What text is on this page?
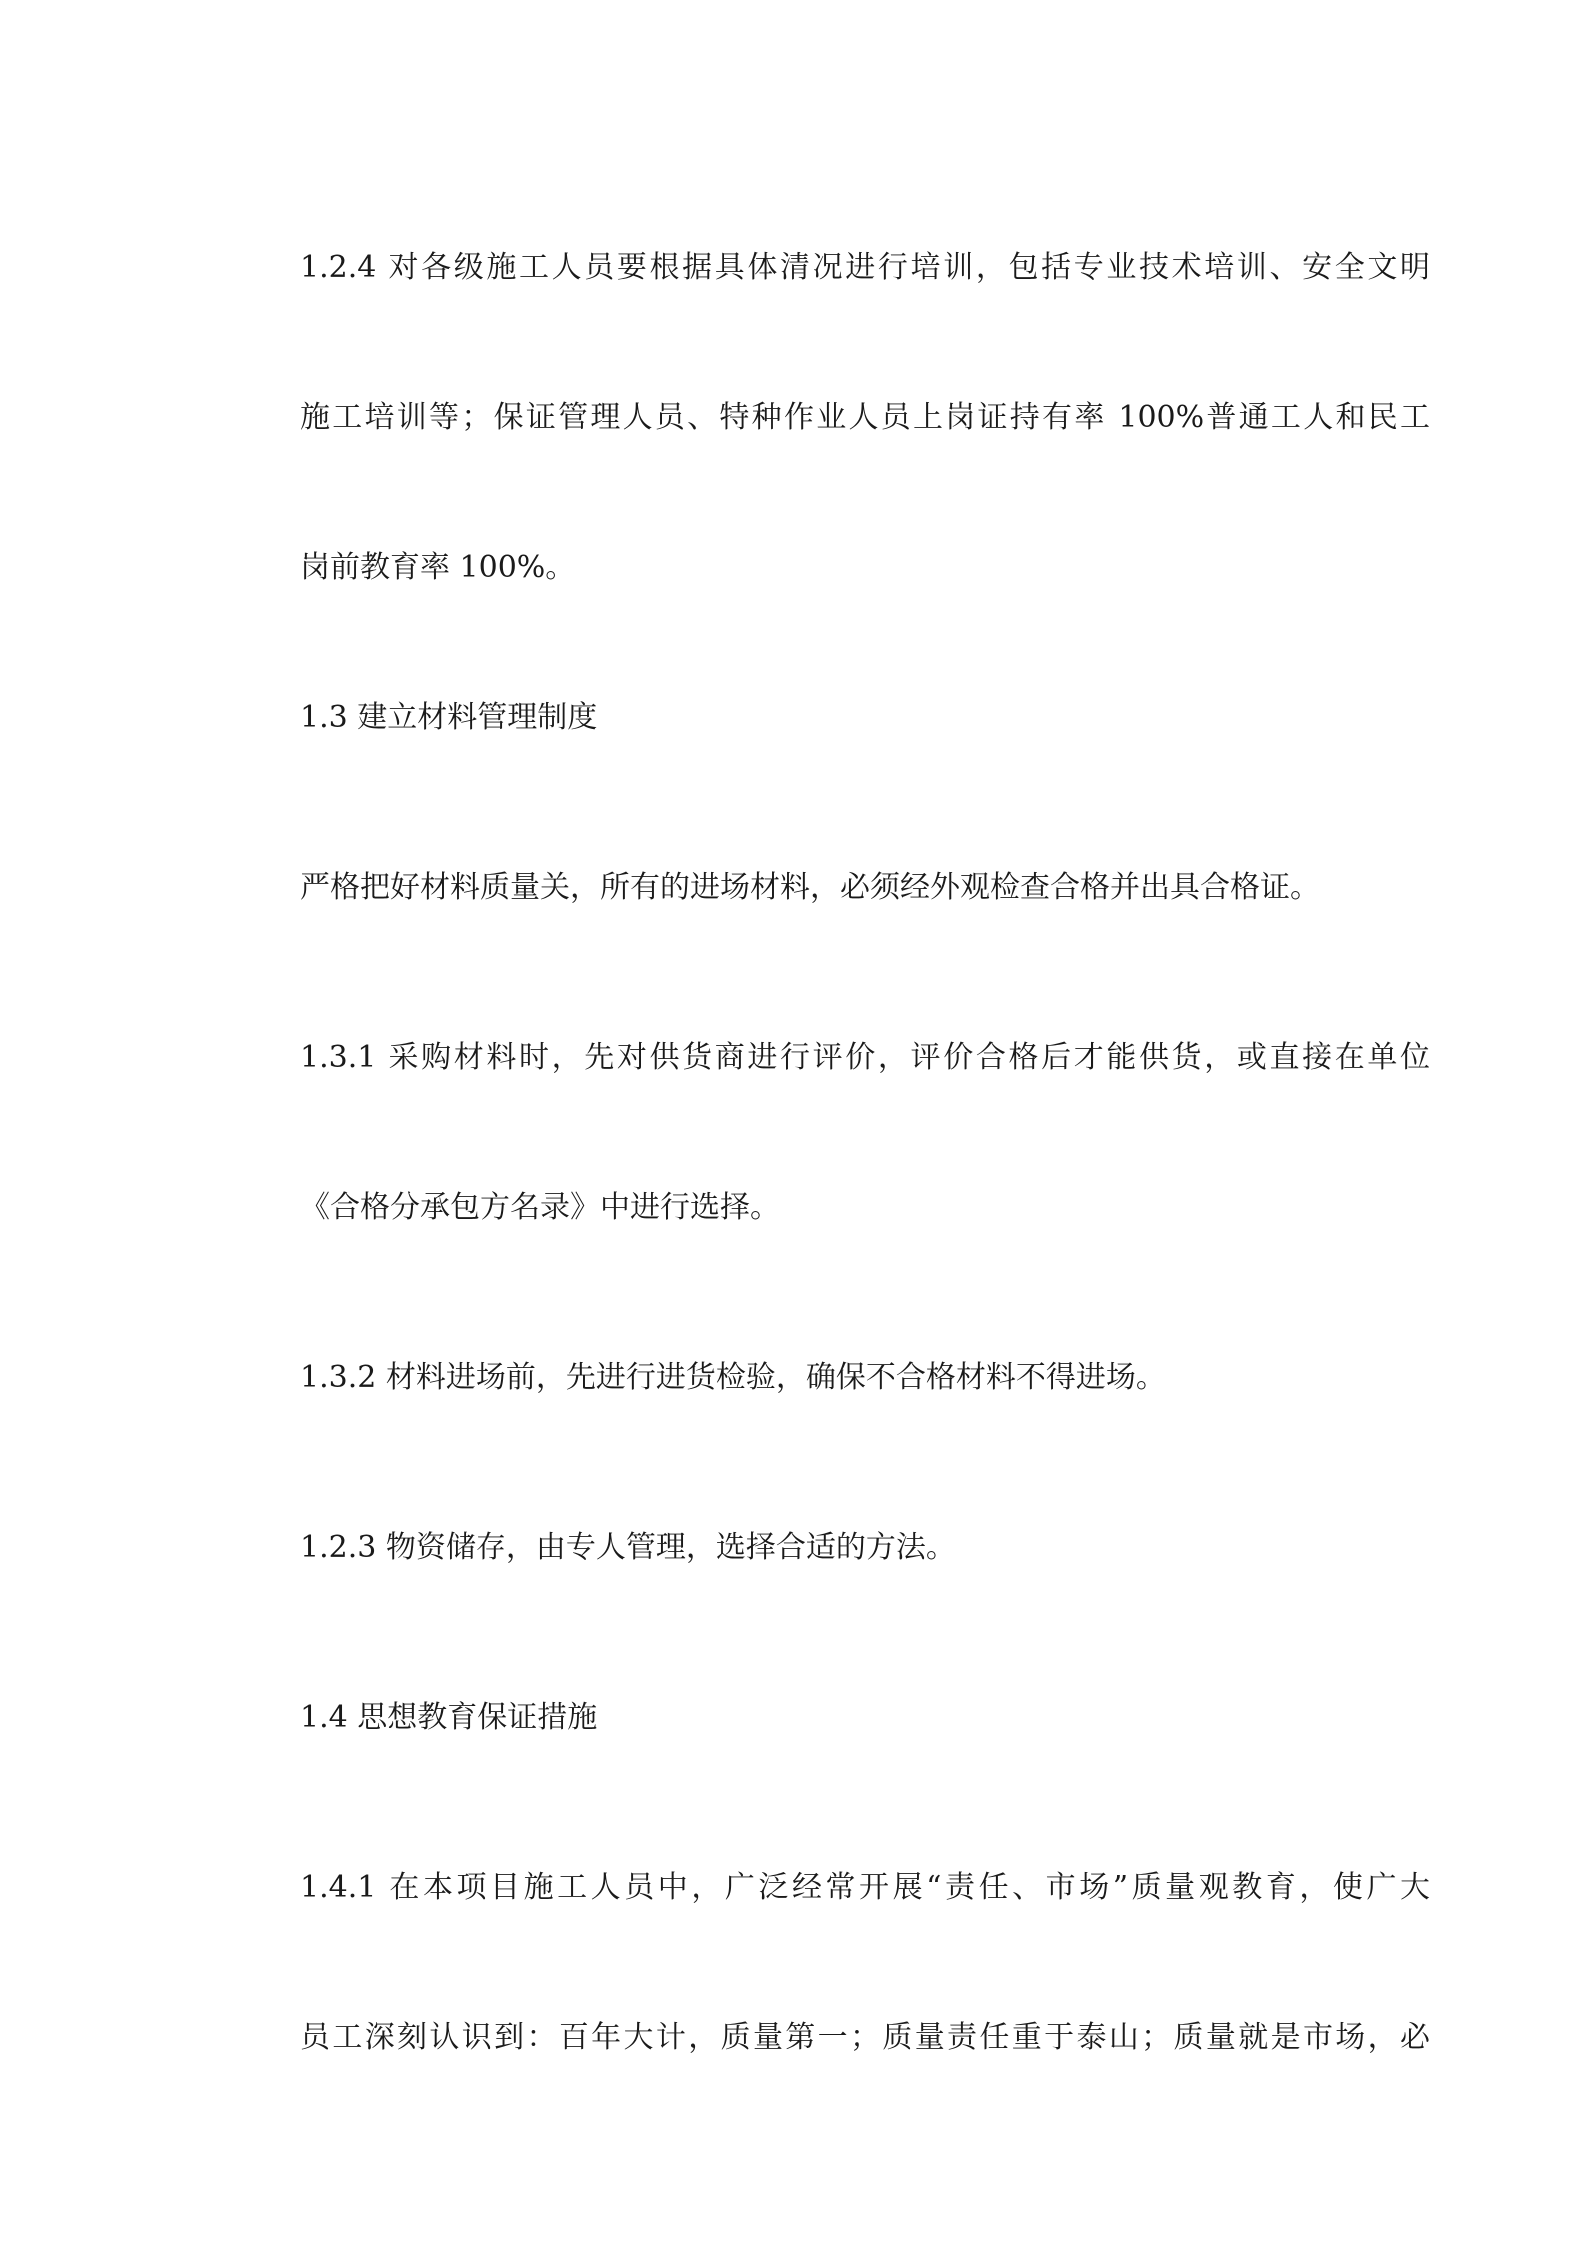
1.2.4 对各级施工人员要根据具体清况进行培训，包括专业技术培训、安全文明
施工培训等；保证管理人员、特种作业人员上岗证持有率 100%普通工人和民工
岗前教育率 100%。
1.3 建立材料管理制度
严格把好材料质量关，所有的进场材料，必须经外观检查合格并出具合格证。
1.3.1 采购材料时，先对供货商进行评价，评价合格后才能供货，或直接在单位
《合格分承包方名录》中进行选择。
1.3.2 材料进场前，先进行进货检验，确保不合格材料不得进场。
1.2.3 物资储存，由专人管理，选择合适的方法。
1.4 思想教育保证措施
1.4.1 在本项目施工人员中，广泛经常开展“责任、市场”质量观教育，使广大
员工深刻认识到：百年大计，质量第一；质量责任重于泰山；质量就是市场，必
